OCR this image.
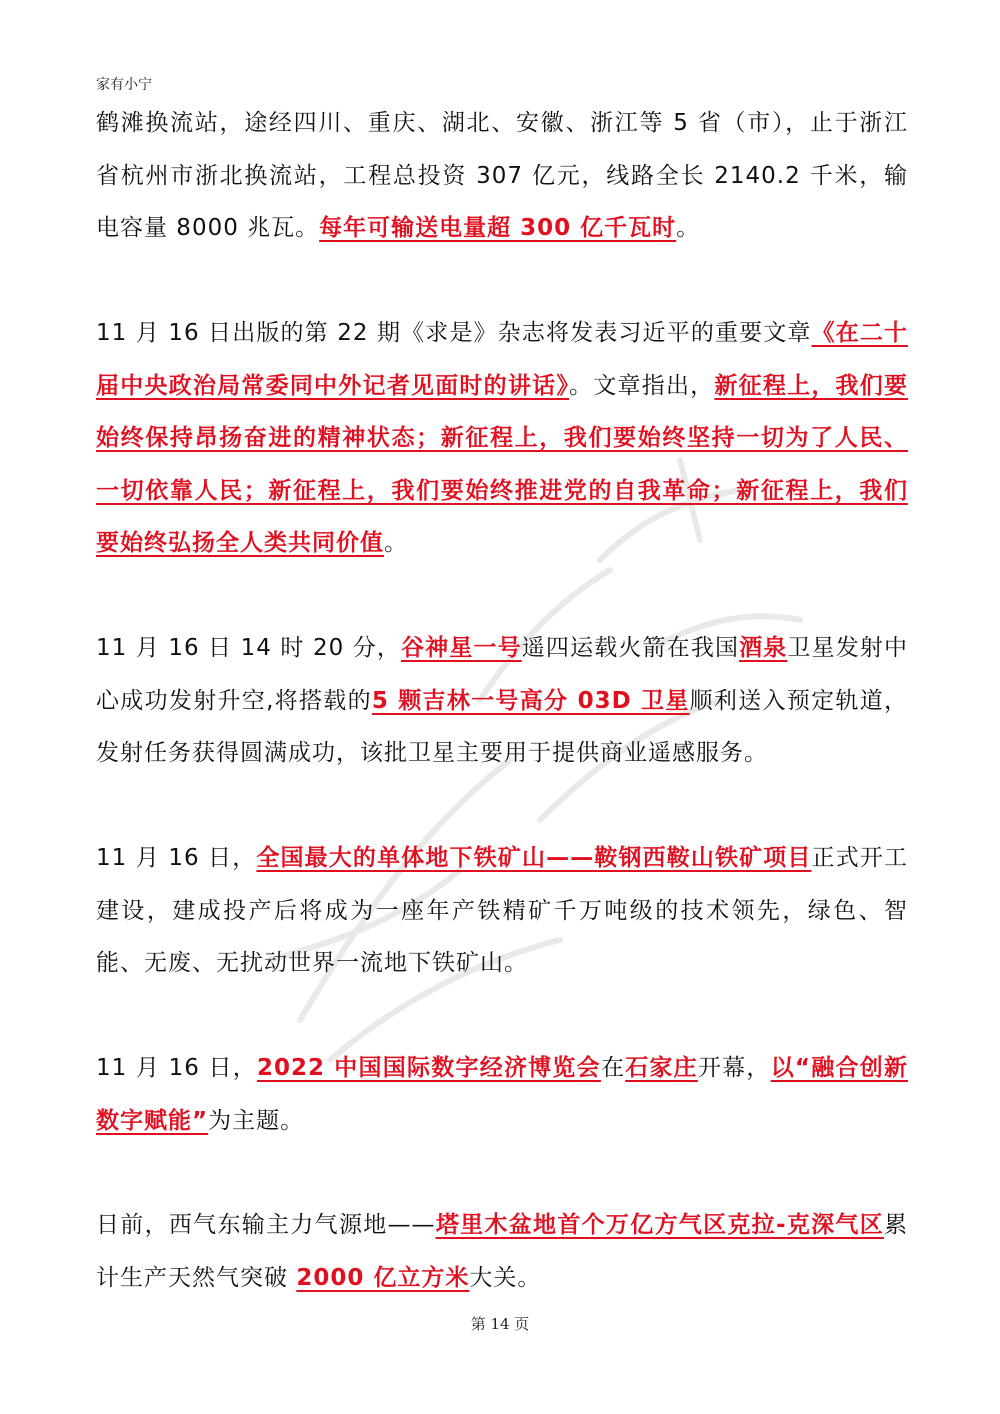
家有小宁

鹤滩换流站，途经四川、重庆、湖北、安徽、浙江等 5 省（市），止于浙江省杭州市浙北换流站，工程总投资 307 亿元，线路全长 2140.2 千米，输电容量 8000 兆瓦。每年可输送电量超 300 亿千瓦时。

11 月 16 日出版的第 22 期《求是》杂志将发表习近平的重要文章《在二十届中央政治局常委同中外记者见面时的讲话》。文章指出，新征程上，我们要始终保持昂扬奋进的精神状态；新征程上，我们要始终坚持一切为了人民、一切依靠人民；新征程上，我们要始终推进党的自我革命；新征程上，我们要始终弘扬全人类共同价值。

11 月 16 日 14 时 20 分，谷神星一号遥四运载火箭在我国酒泉卫星发射中心成功发射升空,将搭载的5 颗吉林一号高分 03D 卫星顺利送入预定轨道，发射任务获得圆满成功，该批卫星主要用于提供商业遥感服务。

11 月 16 日，全国最大的单体地下铁矿山——鞍钢西鞍山铁矿项目正式开工建设，建成投产后将成为一座年产铁精矿千万吨级的技术领先，绿色、智能、无废、无扰动世界一流地下铁矿山。

11 月 16 日，2022 中国国际数字经济博览会在石家庄开幕，以“融合创新 数字赋能”为主题。

日前，西气东输主力气源地——塔里木盆地首个万亿方气区克拉-克深气区累计生产天然气突破 2000 亿立方米大关。

第 14 页
